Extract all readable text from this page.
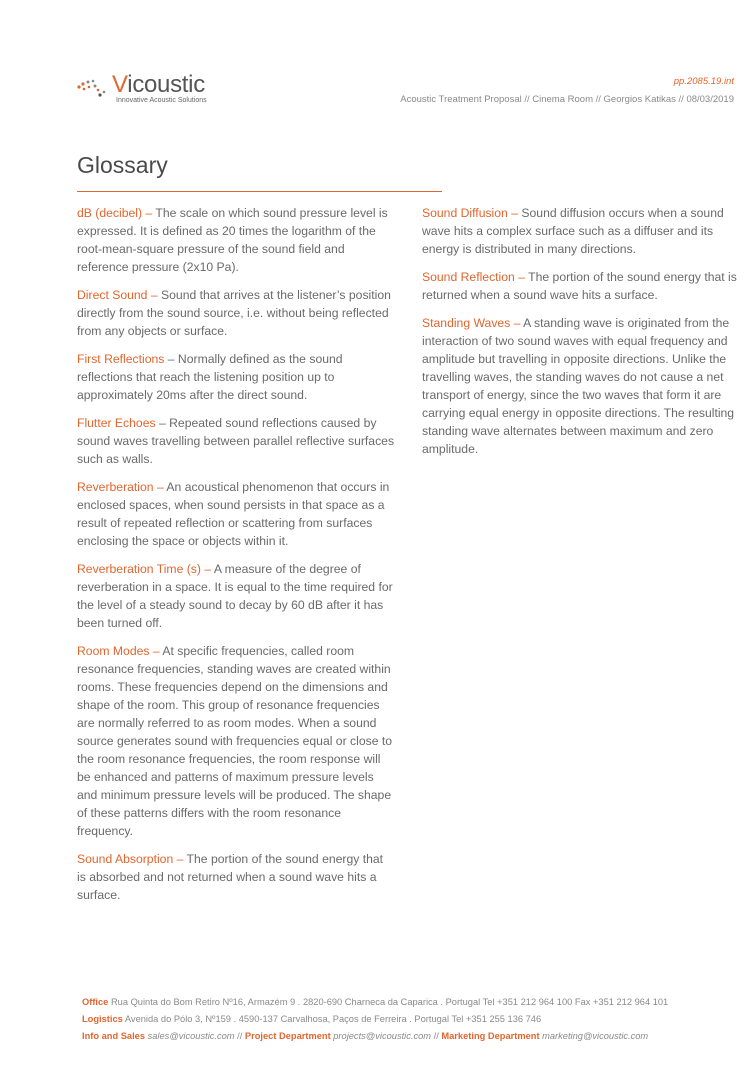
Vicoustic
Innovative Acoustic Solutions
pp.2085.19.int
Acoustic Treatment Proposal // Cinema Room // Georgios Katikas // 08/03/2019
Glossary

dB (decibel) – The scale on which sound pressure level is expressed. It is defined as 20 times the logarithm of the root-mean-square pressure of the sound field and reference pressure (2x10 Pa).

Direct Sound – Sound that arrives at the listener’s position directly from the sound source, i.e. without being reflected from any objects or surface.

First Reflections – Normally defined as the sound reflections that reach the listening position up to approximately 20ms after the direct sound.

Flutter Echoes – Repeated sound reflections caused by sound waves travelling between parallel reflective surfaces such as walls.

Reverberation – An acoustical phenomenon that occurs in enclosed spaces, when sound persists in that space as a result of repeated reflection or scattering from surfaces enclosing the space or objects within it.

Reverberation Time (s) – A measure of the degree of reverberation in a space. It is equal to the time required for the level of a steady sound to decay by 60 dB after it has been turned off.

Room Modes – At specific frequencies, called room resonance frequencies, standing waves are created within rooms. These frequencies depend on the dimensions and shape of the room. This group of resonance frequencies are normally referred to as room modes. When a sound source generates sound with frequencies equal or close to the room resonance frequencies, the room response will be enhanced and patterns of maximum pressure levels and minimum pressure levels will be produced. The shape of these patterns differs with the room resonance frequency.

Sound Absorption – The portion of the sound energy that is absorbed and not returned when a sound wave hits a surface.

Sound Diffusion – Sound diffusion occurs when a sound wave hits a complex surface such as a diffuser and its energy is distributed in many directions.

Sound Reflection – The portion of the sound energy that is returned when a sound wave hits a surface.

Standing Waves – A standing wave is originated from the interaction of two sound waves with equal frequency and amplitude but travelling in opposite directions. Unlike the travelling waves, the standing waves do not cause a net transport of energy, since the two waves that form it are carrying equal energy in opposite directions. The resulting standing wave alternates between maximum and zero amplitude.

Office Rua Quinta do Bom Retiro Nº16, Armazém 9 . 2820-690 Charneca da Caparica . Portugal Tel +351 212 964 100 Fax +351 212 964 101
Logistics Avenida do Pólo 3, Nº159 . 4590-137 Carvalhosa, Paços de Ferreira . Portugal Tel +351 255 136 746
Info and Sales sales@vicoustic.com // Project Department projects@vicoustic.com // Marketing Department marketing@vicoustic.com
